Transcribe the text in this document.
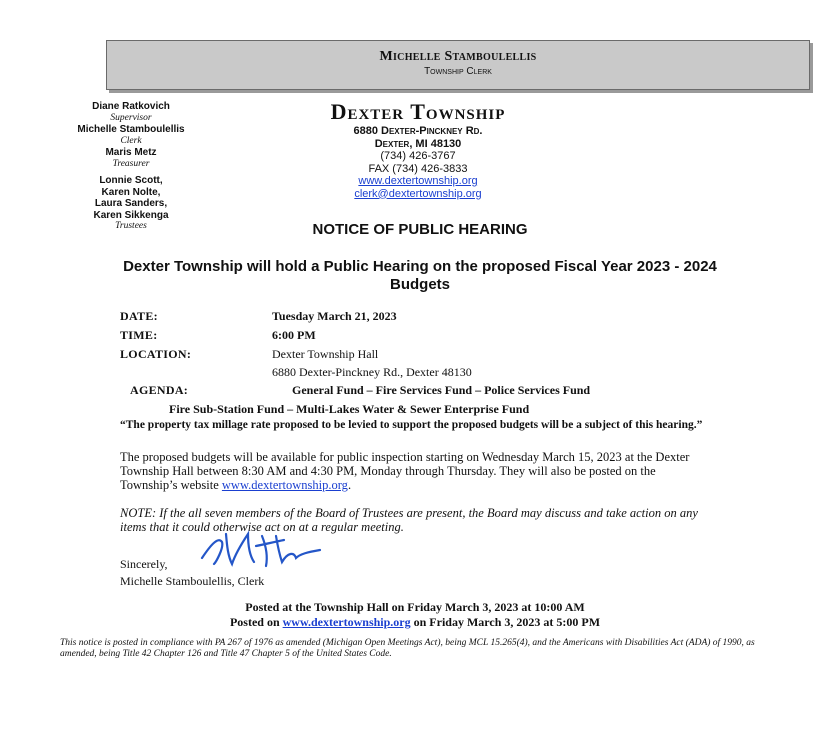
Michelle Stamboulellis
Township Clerk
Diane Ratkovich
Supervisor
Michelle Stamboulellis
Clerk
Maris Metz
Treasurer
Lonnie Scott,
Karen Nolte,
Laura Sanders,
Karen Sikkenga
Trustees
Dexter Township
6880 Dexter-Pinckney Rd.
Dexter, MI 48130
(734) 426-3767
FAX (734) 426-3833
www.dextertownship.org
clerk@dextertownship.org
NOTICE OF PUBLIC HEARING
Dexter Township will hold a Public Hearing on the proposed Fiscal Year 2023 - 2024 Budgets
DATE:	Tuesday March 21, 2023
TIME:	6:00 PM
LOCATION:	Dexter Township Hall
6880 Dexter-Pinckney Rd., Dexter 48130
AGENDA:	General Fund – Fire Services Fund – Police Services Fund
Fire Sub-Station Fund – Multi-Lakes Water & Sewer Enterprise Fund
“The property tax millage rate proposed to be levied to support the proposed budgets will be a subject of this hearing.”
The proposed budgets will be available for public inspection starting on Wednesday March 15, 2023 at the Dexter Township Hall between 8:30 AM and 4:30 PM, Monday through Thursday. They will also be posted on the Township’s website www.dextertownship.org.
NOTE: If the all seven members of the Board of Trustees are present, the Board may discuss and take action on any items that it could otherwise act on at a regular meeting.
Sincerely,
Michelle Stamboulellis, Clerk
Posted at the Township Hall on Friday March 3, 2023 at 10:00 AM
Posted on www.dextertownship.org on Friday March 3, 2023 at 5:00 PM
This notice is posted in compliance with PA 267 of 1976 as amended (Michigan Open Meetings Act), being MCL 15.265(4), and the Americans with Disabilities Act (ADA) of 1990, as amended, being Title 42 Chapter 126 and Title 47 Chapter 5 of the United States Code.
